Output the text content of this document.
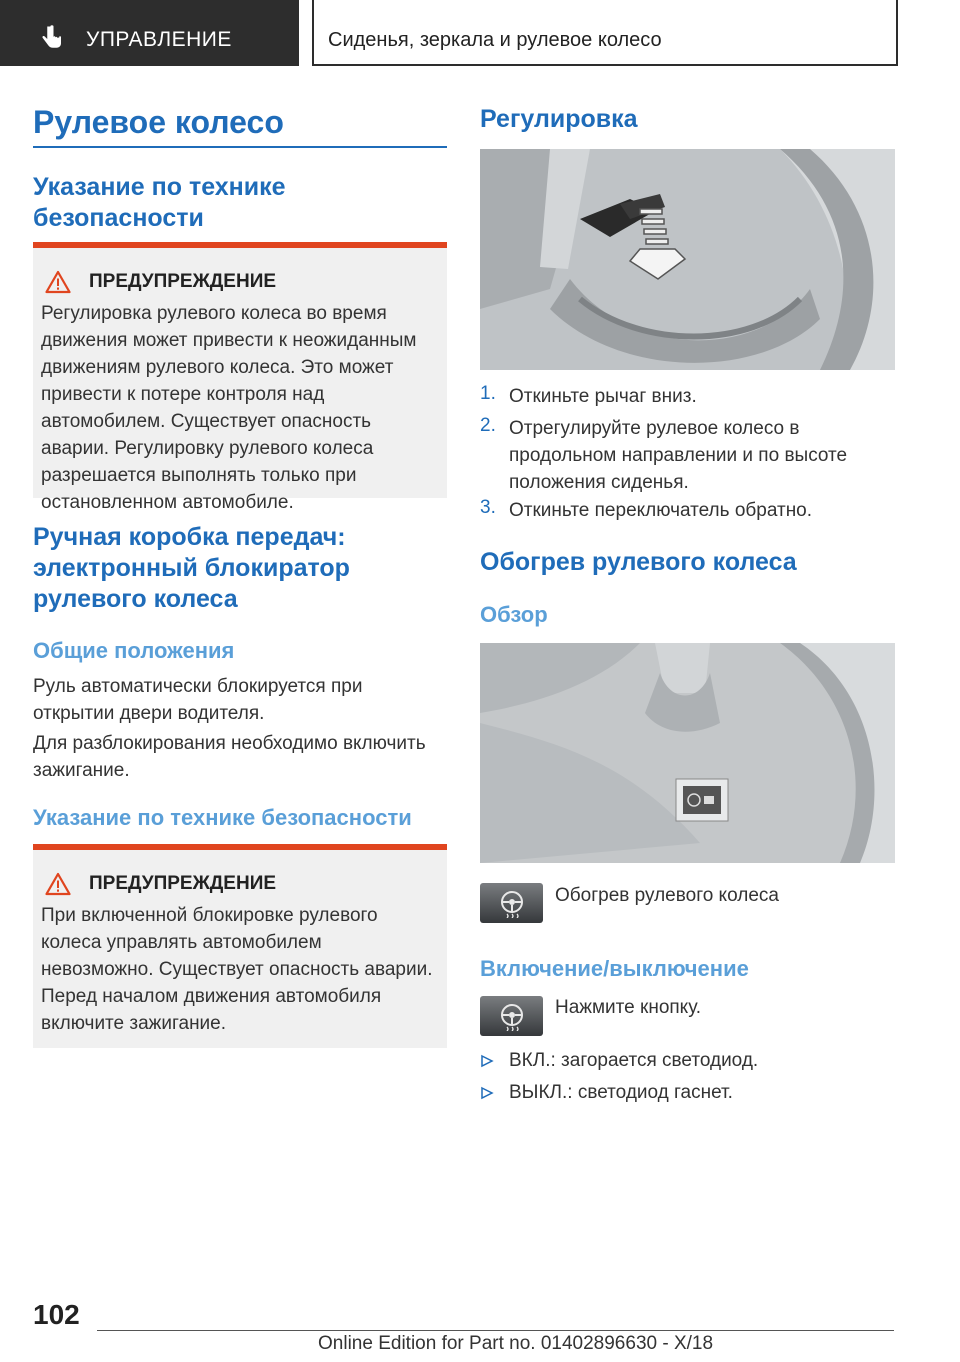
УПРАВЛЕНИЕ	Сиденья, зеркала и рулевое колесо
Рулевое колесо
Указание по технике безопасности
ПРЕДУПРЕЖДЕНИЕ

Регулировка рулевого колеса во время движения может привести к неожиданным движениям рулевого колеса. Это может привести к потере контроля над автомобилем. Существует опасность аварии. Регулировку рулевого колеса разрешается выполнять только при остановленном автомобиле.

Ручная коробка передач: электронный блокиратор рулевого колеса
Общие положения

Руль автоматически блокируется при открытии двери водителя.

Для разблокирования необходимо включить зажигание.

Указание по технике безопасности
ПРЕДУПРЕЖДЕНИЕ

При включенной блокировке рулевого колеса управлять автомобилем невозможно. Существует опасность аварии. Перед началом движения автомобиля включите зажигание.

Регулировка
1. Откиньте рычаг вниз.
2. Отрегулируйте рулевое колесо в продольном направлении и по высоте положения сиденья.
3. Откиньте переключатель обратно.
Обогрев рулевого колеса
Обзор
Обогрев рулевого колеса
Включение/выключение
Нажмите кнопку.
ВКЛ.: загорается светодиод.
ВЫКЛ.: светодиод гаснет.
102
Online Edition for Part no. 01402896630 - X/18
